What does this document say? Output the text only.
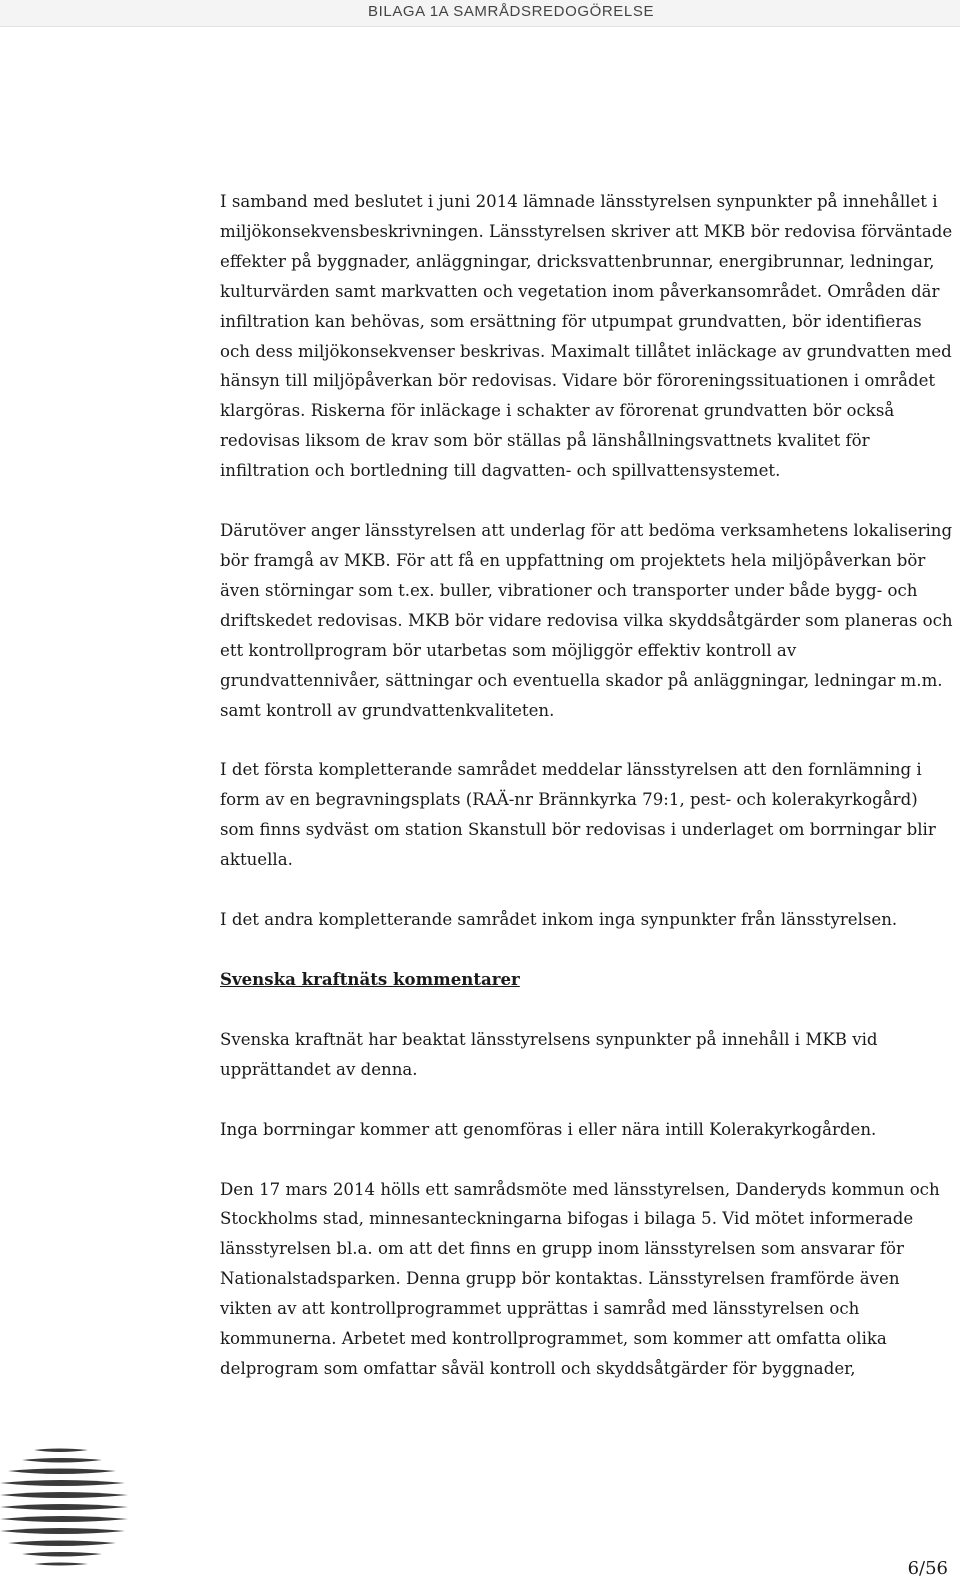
BILAGA 1A SAMRÅDSREDOGÖRELSE

I samband med beslutet i juni 2014 lämnade länsstyrelsen synpunkter på innehållet i miljökonsekvensbeskrivningen. Länsstyrelsen skriver att MKB bör redovisa förväntade effekter på byggnader, anläggningar, dricksvattenbrunnar, energibrunnar, ledningar, kulturvärden samt markvatten och vegetation inom påverkansområdet. Områden där infiltration kan behövas, som ersättning för utpumpat grundvatten, bör identifieras och dess miljökonsekvenser beskrivas. Maximalt tillåtet inläckage av grundvatten med hänsyn till miljöpåverkan bör redovisas. Vidare bör föroreningssituationen i området klargöras. Riskerna för inläckage i schakter av förorenat grundvatten bör också redovisas liksom de krav som bör ställas på länshållningsvattnets kvalitet för infiltration och bortledning till dagvatten- och spillvattensystemet.

Därutöver anger länsstyrelsen att underlag för att bedöma verksamhetens lokalisering bör framgå av MKB. För att få en uppfattning om projektets hela miljöpåverkan bör även störningar som t.ex. buller, vibrationer och transporter under både bygg- och driftskedet redovisas. MKB bör vidare redovisa vilka skyddsåtgärder som planeras och ett kontrollprogram bör utarbetas som möjliggör effektiv kontroll av grundvattennivåer, sättningar och eventuella skador på anläggningar, ledningar m.m. samt kontroll av grundvattenkvaliteten.

I det första kompletterande samrådet meddelar länsstyrelsen att den fornlämning i form av en begravningsplats (RAÄ-nr Brännkyrka 79:1, pest- och kolerakyrkogård) som finns sydväst om station Skanstull bör redovisas i underlaget om borrningar blir aktuella.

I det andra kompletterande samrådet inkom inga synpunkter från länsstyrelsen.

Svenska kraftnäts kommentarer

Svenska kraftnät har beaktat länsstyrelsens synpunkter på innehåll i MKB vid upprättandet av denna.

Inga borrningar kommer att genomföras i eller nära intill Kolerakyrkogården.

Den 17 mars 2014 hölls ett samrådsmöte med länsstyrelsen, Danderyds kommun och Stockholms stad, minnesanteckningarna bifogas i bilaga 5. Vid mötet informerade länsstyrelsen bl.a. om att det finns en grupp inom länsstyrelsen som ansvarar för Nationalstadsparken. Denna grupp bör kontaktas. Länsstyrelsen framförde även vikten av att kontrollprogrammet upprättas i samråd med länsstyrelsen och kommunerna. Arbetet med kontrollprogrammet, som kommer att omfatta olika delprogram som omfattar såväl kontroll och skyddsåtgärder för byggnader,

6/56
